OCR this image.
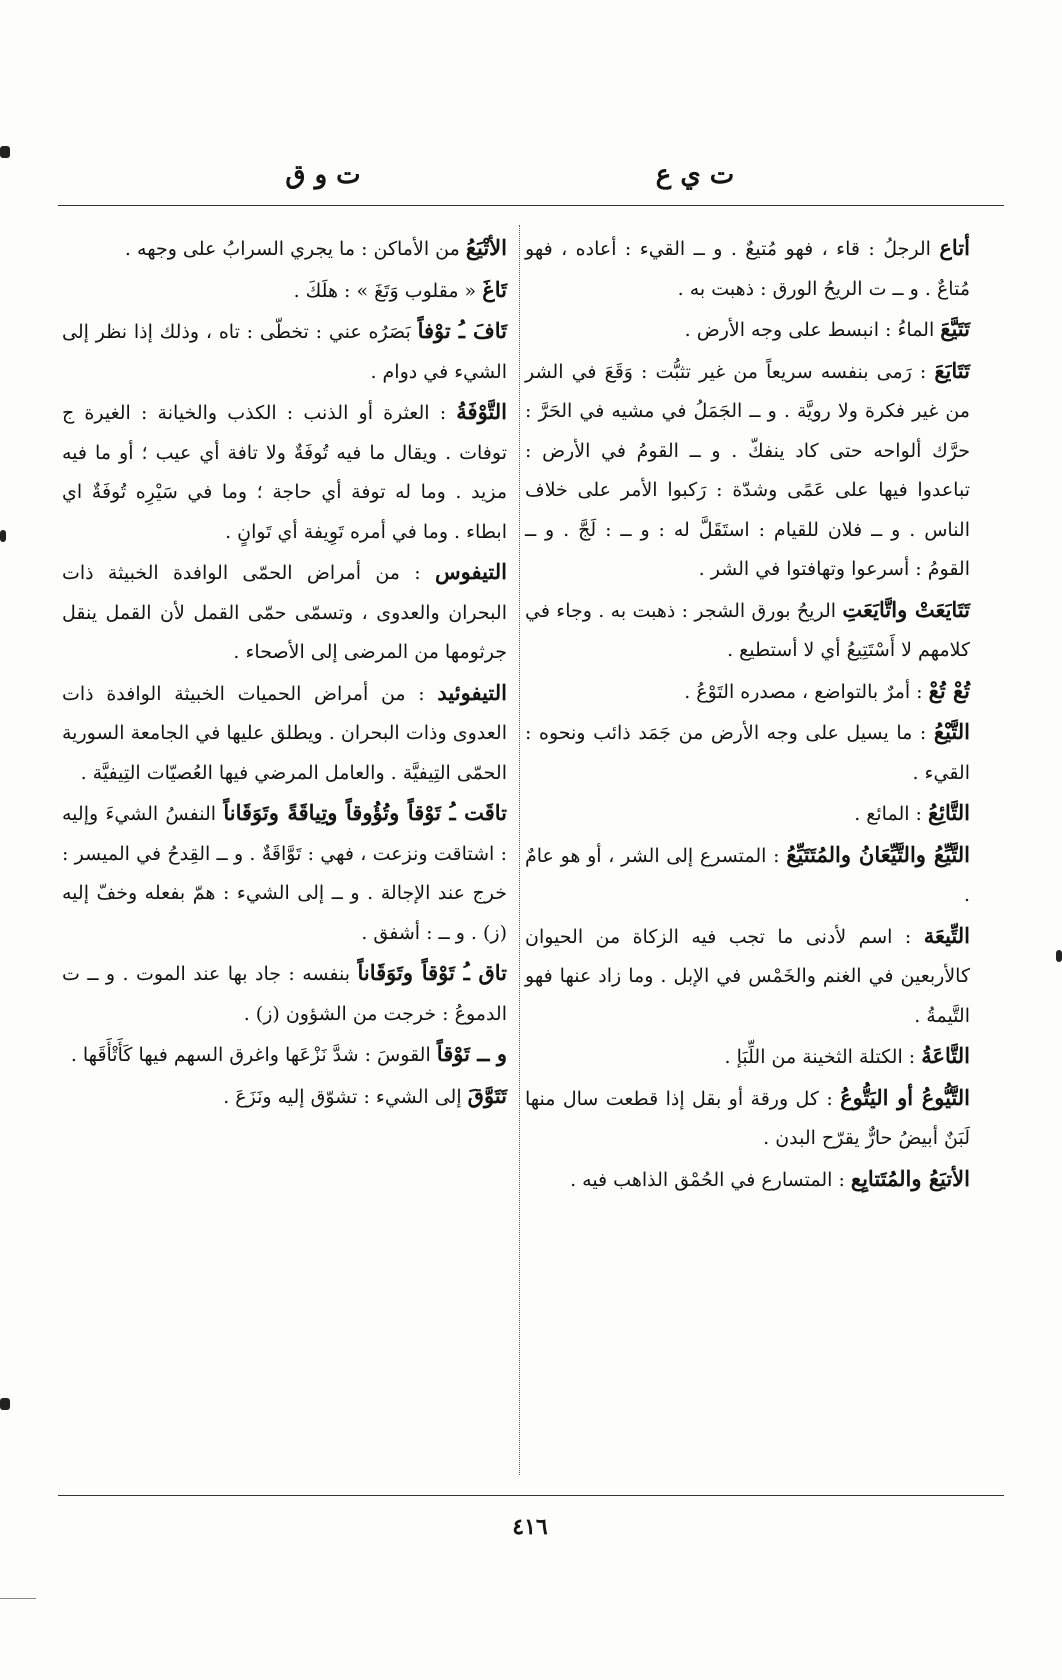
ت ي ع
ت و ق

أتاع الرجلُ : قاء ، فهو مُتيعٌ . و ــ القيء : أعاده ، فهو مُتاعٌ . و ــ ت الريحُ الورق : ذهبت به .

تَتَيَّعَ الماءُ : انبسط على وجه الأرض .

تَتَايَعَ : رَمى بنفسه سريعاً من غير تثبُّت : وَقَعَ في الشر من غير فكرة ولا رويَّة . و ــ الجَمَلُ في مشيه في الحَرَّ : حرَّك ألواحه حتى كاد ينفكّ . و ــ القومُ في الأرض : تباعدوا فيها على عَمًى وشدّة : رَكبوا الأمر على خلاف الناس . و ــ فلان للقيام : استَقَلَّ له : و ــ : لَجَّ . و ــ القومُ : أسرعوا وتهافتوا في الشر .

تَتَايَعَتْ واتَّايَعَتِ الريحُ بورق الشجر : ذهبت به . وجاء في كلامهم لا أَسْتَتِيعُ أي لا أستطيع .

تُعْ تُعْ : أمرٌ بالتواضع ، مصدره التَوْعُ .

التَّيْعُ : ما يسيل على وجه الأرض من جَمَد ذائب ونحوه : القيء .

التَّائِعُ : المائع .

التَّيِّعُ والتَّيِّعَانُ والمُتَتَيِّعُ : المتسرع إلى الشر ، أو هو عامٌ .

التِّيعَة : اسم لأدنى ما تجب فيه الزكاة من الحيوان كالأربعين في الغنم والخَمْس في الإبل . وما زاد عنها فهو التَّيمةُ .

التَّاعَةُ : الكتلة الثخينة من اللِّبَإ .

التَّيُّوعُ أو اليَتُّوعُ : كل ورقة أو بقل إذا قطعت سال منها لَبَنٌ أبيضُ حارٌّ يقرّح البدن .

الأتيَعُ والمُتَتايِع : المتسارع في الحُمْق الذاهب فيه .

الأتْيَعُ من الأماكن : ما يجري السرابُ على وجهه .

تَاغَ « مقلوب وَتَغَ » : هلَكَ .

تَافَ ـُ توْفاً بَصَرُه عني : تخطّى : تاه ، وذلك إذا نظر إلى الشيء في دوام .

التَّوْفَةُ : العثرة أو الذنب : الكذب والخيانة : الغيرة ج توفات . ويقال ما فيه تُوفَةٌ ولا تافة أي عيب ؛ أو ما فيه مزيد . وما له توفة أي حاجة ؛ وما في سَيْرِه تُوفَةٌ اي ابطاء . وما في أمره تَوِيفة أي تَوانٍ .

التيفوس : من أمراض الحمّى الوافدة الخبيثة ذات البحران والعدوى ، وتسمّى حمّى القمل لأن القمل ينقل جرثومها من المرضى إلى الأصحاء .

التيفوئيد : من أمراض الحميات الخبيثة الوافدة ذات العدوى وذات البحران . ويطلق عليها في الجامعة السورية الحمّى التِيفيَّة . والعامل المرضي فيها العُصيّات التِيفيَّة .

تاقَت ـُ تَوْقاً وتُؤُوقاً وتِياقَةً وتَوَقَاناً النفسُ الشيءَ وإليه : اشتاقت ونزعت ، فهي : تَوَّاقَةٌ . و ــ القِدحُ في الميسر : خرج عند الإجالة . و ــ إلى الشيء : همّ بفعله وخفّ إليه (ز) . و ــ : أشفق .

تاق ـُ تَوْقاً وتَوَقَاناً بنفسه : جاد بها عند الموت . و ــ ت الدموعُ : خرجت من الشؤون (ز) .

و ــ تَوْقاً القوسَ : شدَّ نَزْعَها واغرق السهم فيها كَأَتْأَقَها .

تَتَوَّقَ إلى الشيء : تشوّق إليه ونَزَعَ .

٤١٦
